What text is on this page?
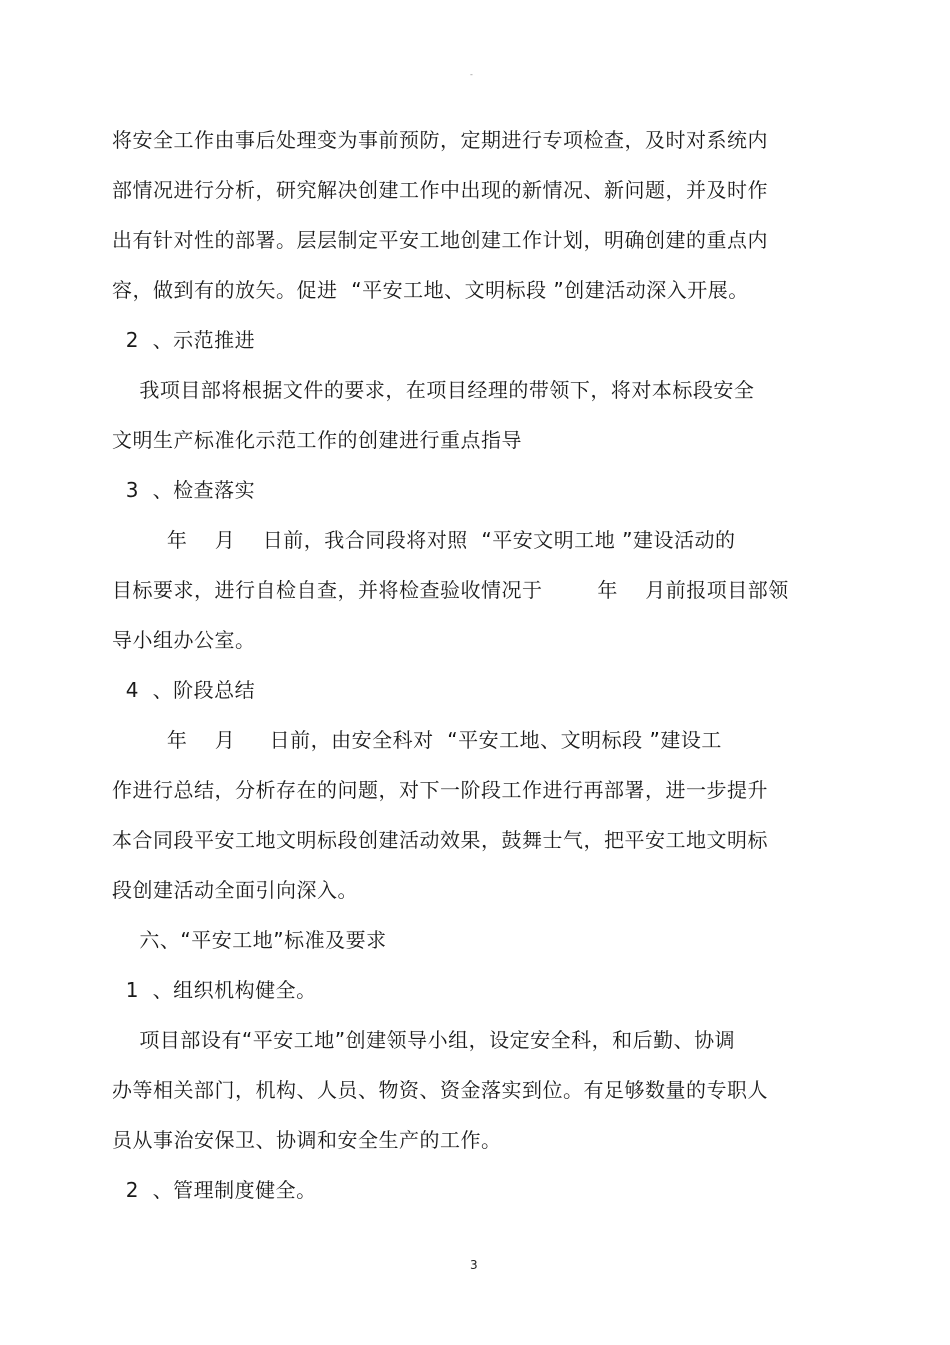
-
将安全工作由事后处理变为事前预防，定期进行专项检查，及时对系统内
部情况进行分析，研究解决创建工作中出现的新情况、新问题，并及时作
出有针对性的部署。层层制定平安工地创建工作计划，明确创建的重点内
容，做到有的放矢。促进  “平安工地、文明标段 ”创建活动深入开展。
2  、示范推进
我项目部将根据文件的要求，在项目经理的带领下，将对本标段安全
文明生产标准化示范工作的创建进行重点指导
3  、检查落实
年    月    日前，我合同段将对照  “平安文明工地 ”建设活动的
目标要求，进行自检自查，并将检查验收情况于        年    月前报项目部领
导小组办公室。
4  、阶段总结
年    月     日前，由安全科对  “平安工地、文明标段 ”建设工
作进行总结，分析存在的问题，对下一阶段工作进行再部署，进一步提升
本合同段平安工地文明标段创建活动效果，鼓舞士气，把平安工地文明标
段创建活动全面引向深入。
六、“平安工地”标准及要求
1  、组织机构健全。
项目部设有“平安工地”创建领导小组，设定安全科，和后勤、协调
办等相关部门，机构、人员、物资、资金落实到位。有足够数量的专职人
员从事治安保卫、协调和安全生产的工作。
2  、管理制度健全。
3
